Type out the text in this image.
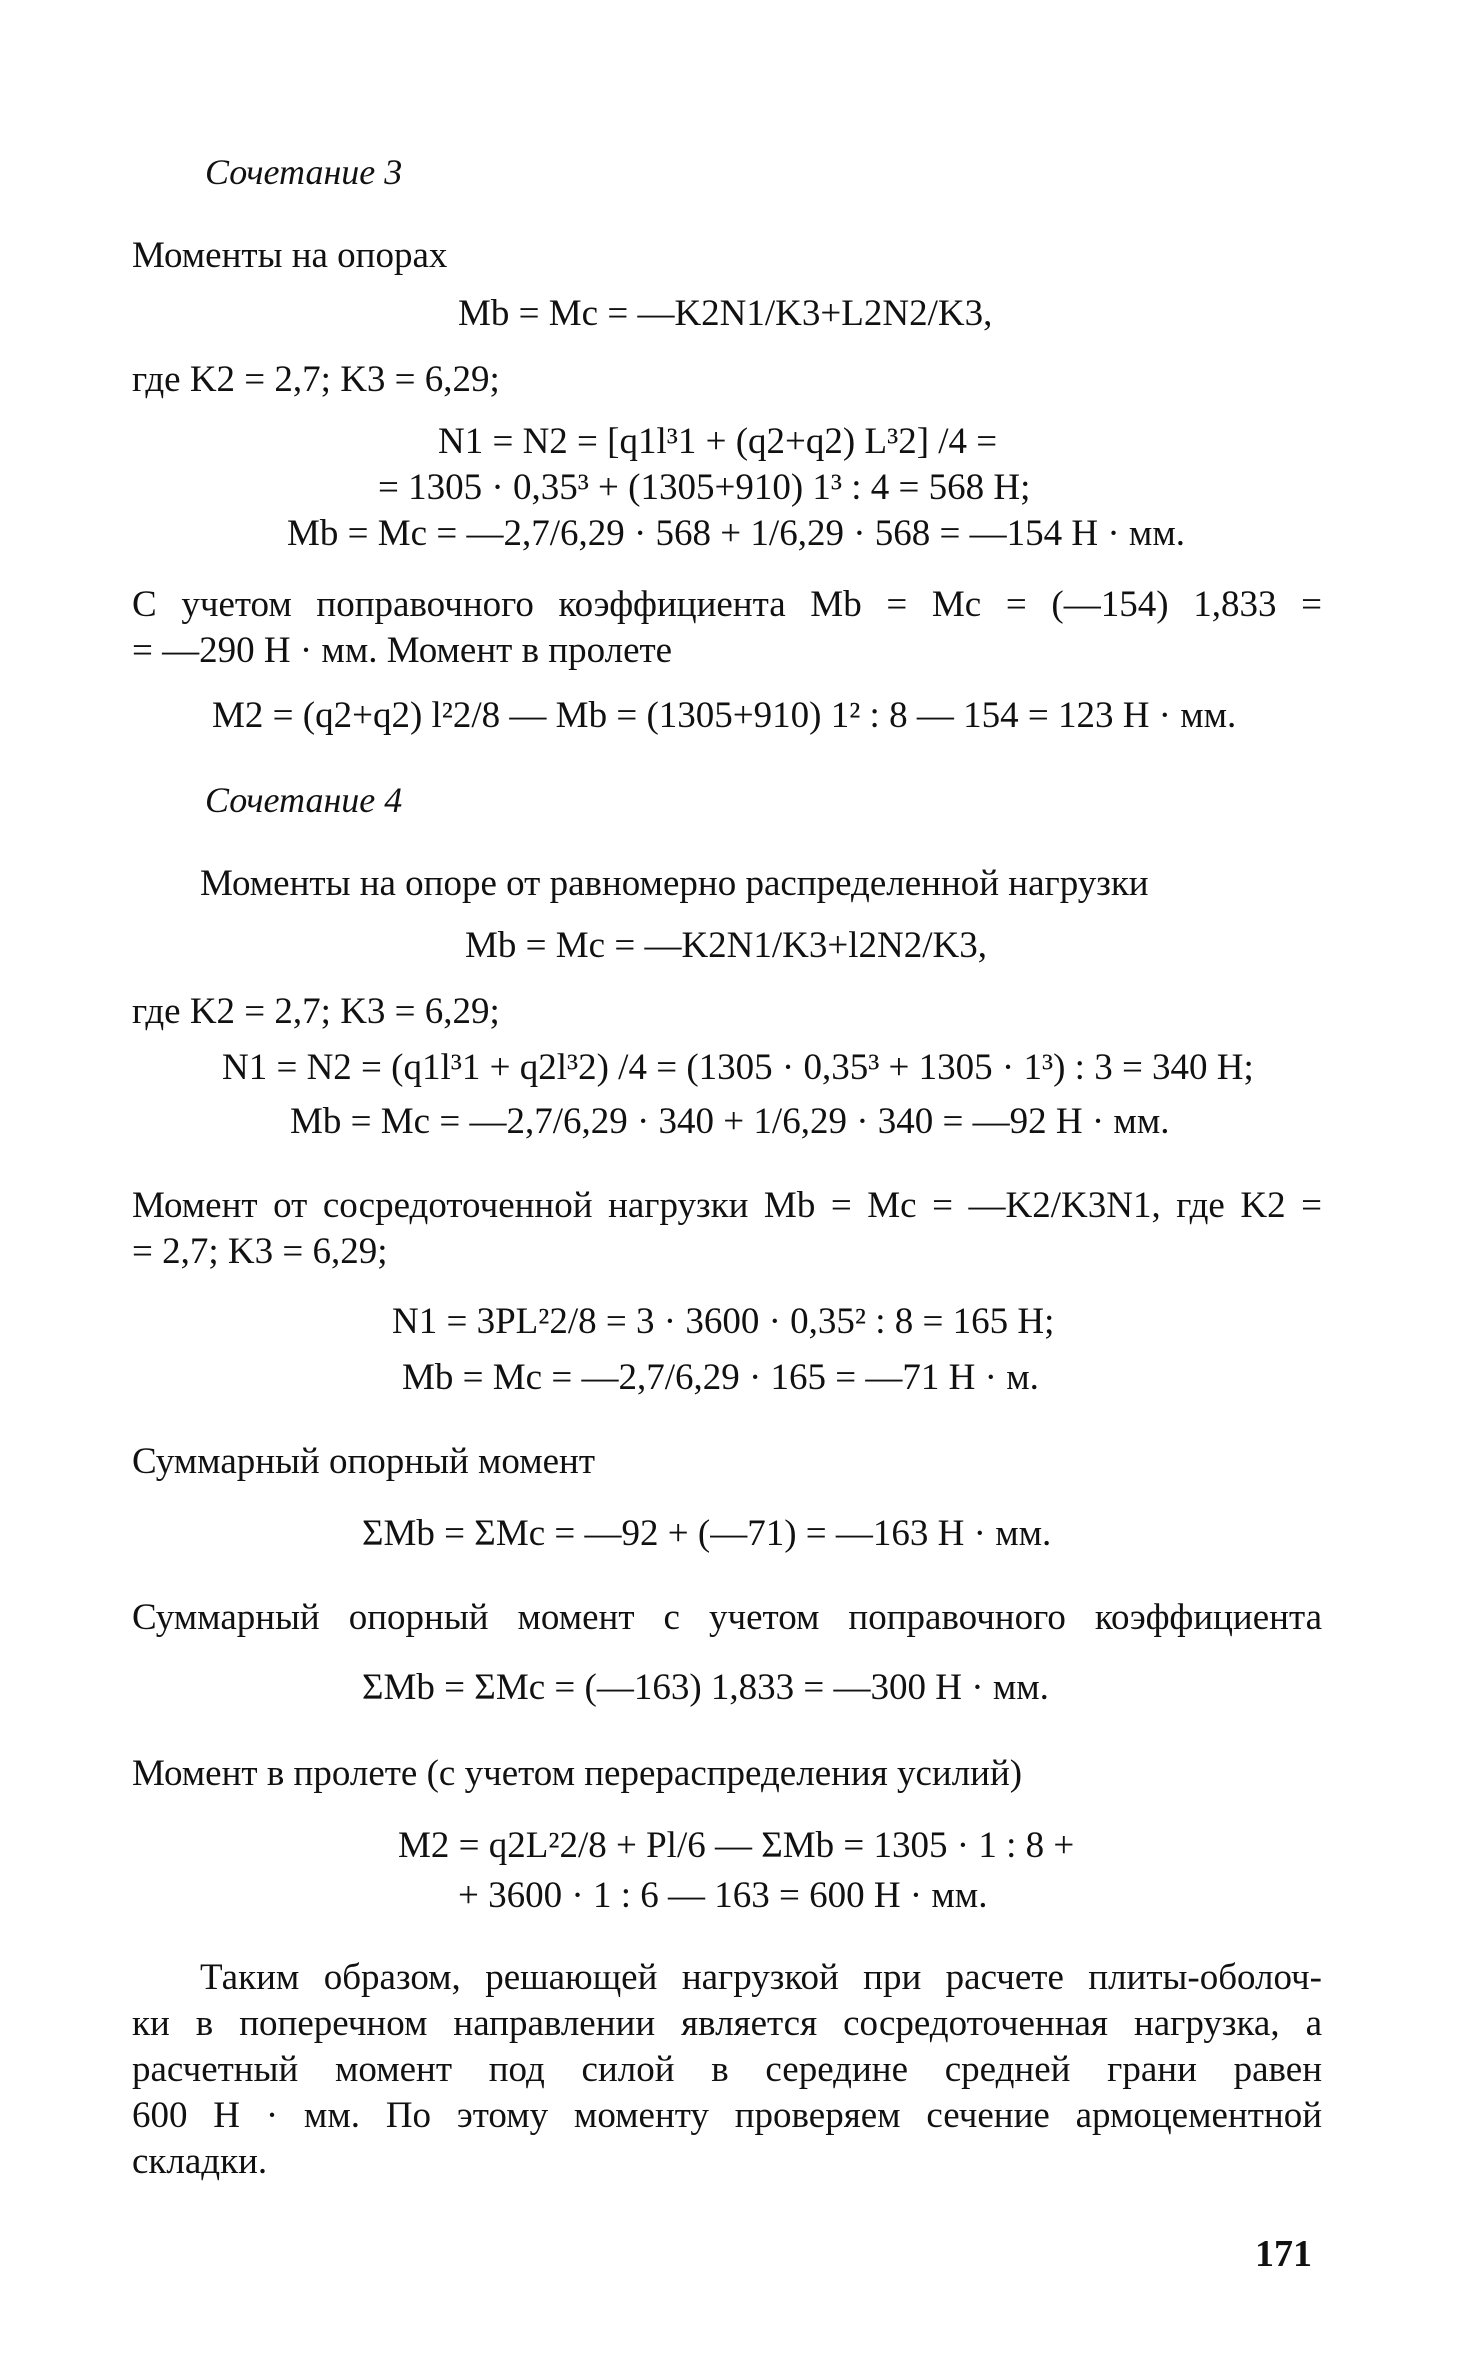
Сочетание 3
Моменты на опорах
Mb = Mc = —K2N1/K3+L2N2/K3,
где K2 = 2,7; K3 = 6,29;
N1 = N2 = [q1l³1 + (q2+q2) L³2] /4 =
= 1305 · 0,35³ + (1305+910) 1³ : 4 = 568 Н;
Mb = Mc = —2,7/6,29 · 568 + 1/6,29 · 568 = —154 Н · мм.
С учетом поправочного коэффициента Mb = Mc = (—154) 1,833 =
= —290 Н · мм. Момент в пролете
M2 = (q2+q2) l²2/8 — Mb = (1305+910) 1² : 8 — 154 = 123 Н · мм.
Сочетание 4
Моменты на опоре от равномерно распределенной нагрузки
Mb = Mc = —K2N1/K3+l2N2/K3,
где K2 = 2,7; K3 = 6,29;
N1 = N2 = (q1l³1 + q2l³2) /4 = (1305 · 0,35³ + 1305 · 1³) : 3 = 340 Н;
Mb = Mc = —2,7/6,29 · 340 + 1/6,29 · 340 = —92 Н · мм.
Момент от сосредоточенной нагрузки Mb = Mc = —K2/K3N1, где K2 =
= 2,7; K3 = 6,29;
N1 = 3PL²2/8 = 3 · 3600 · 0,35² : 8 = 165 Н;
Mb = Mc = —2,7/6,29 · 165 = —71 Н · м.
Суммарный опорный момент
ΣMb = ΣMc = —92 + (—71) = —163 Н · мм.
Суммарный опорный момент с учетом поправочного коэффициента
ΣMb = ΣMc = (—163) 1,833 = —300 Н · мм.
Момент в пролете (с учетом перераспределения усилий)
M2 = q2L²2/8 + Pl/6 — ΣMb = 1305 · 1 : 8 +
+ 3600 · 1 : 6 — 163 = 600 Н · мм.
Таким образом, решающей нагрузкой при расчете плиты-оболоч-
ки в поперечном направлении является сосредоточенная нагрузка, а
расчетный момент под силой в середине средней грани равен
600 Н · мм. По этому моменту проверяем сечение армоцементной
складки.
171
